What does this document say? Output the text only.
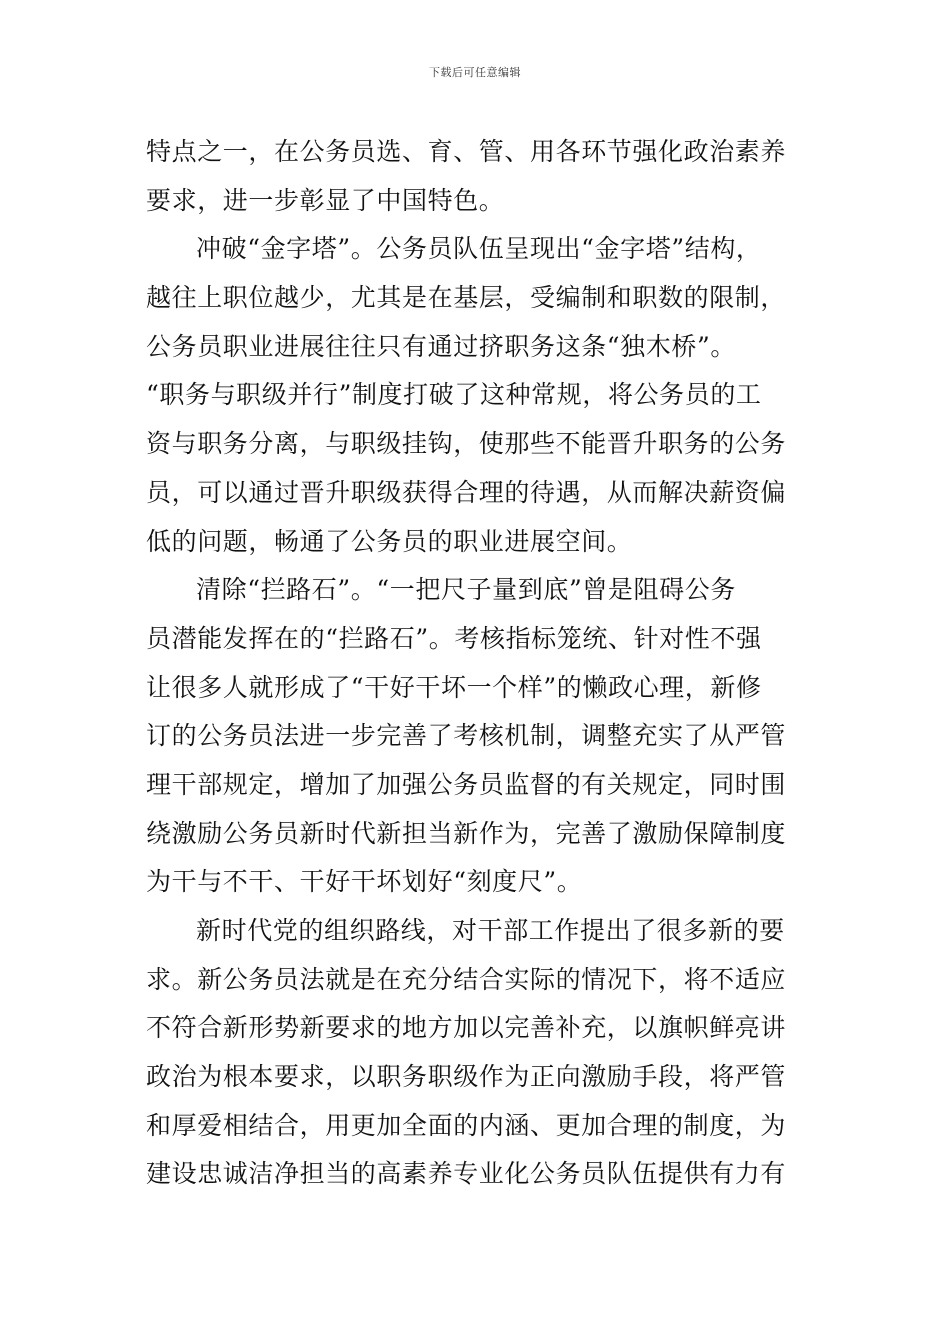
下载后可任意编辑
特点之一，在公务员选、育、管、用各环节强化政治素养
要求，进一步彰显了中国特色。
冲破“金字塔”。公务员队伍呈现出“金字塔”结构，
越往上职位越少，尤其是在基层，受编制和职数的限制，
公务员职业进展往往只有通过挤职务这条“独木桥”。
“职务与职级并行”制度打破了这种常规，将公务员的工
资与职务分离，与职级挂钩，使那些不能晋升职务的公务
员，可以通过晋升职级获得合理的待遇，从而解决薪资偏
低的问题，畅通了公务员的职业进展空间。
清除“拦路石”。“一把尺子量到底”曾是阻碍公务
员潜能发挥在的“拦路石”。考核指标笼统、针对性不强
让很多人就形成了“干好干坏一个样”的懒政心理，新修
订的公务员法进一步完善了考核机制，调整充实了从严管
理干部规定，增加了加强公务员监督的有关规定，同时围
绕激励公务员新时代新担当新作为，完善了激励保障制度
为干与不干、干好干坏划好“刻度尺”。
新时代党的组织路线，对干部工作提出了很多新的要
求。新公务员法就是在充分结合实际的情况下，将不适应
不符合新形势新要求的地方加以完善补充，以旗帜鲜亮讲
政治为根本要求，以职务职级作为正向激励手段，将严管
和厚爱相结合，用更加全面的内涵、更加合理的制度，为
建设忠诚洁净担当的高素养专业化公务员队伍提供有力有
